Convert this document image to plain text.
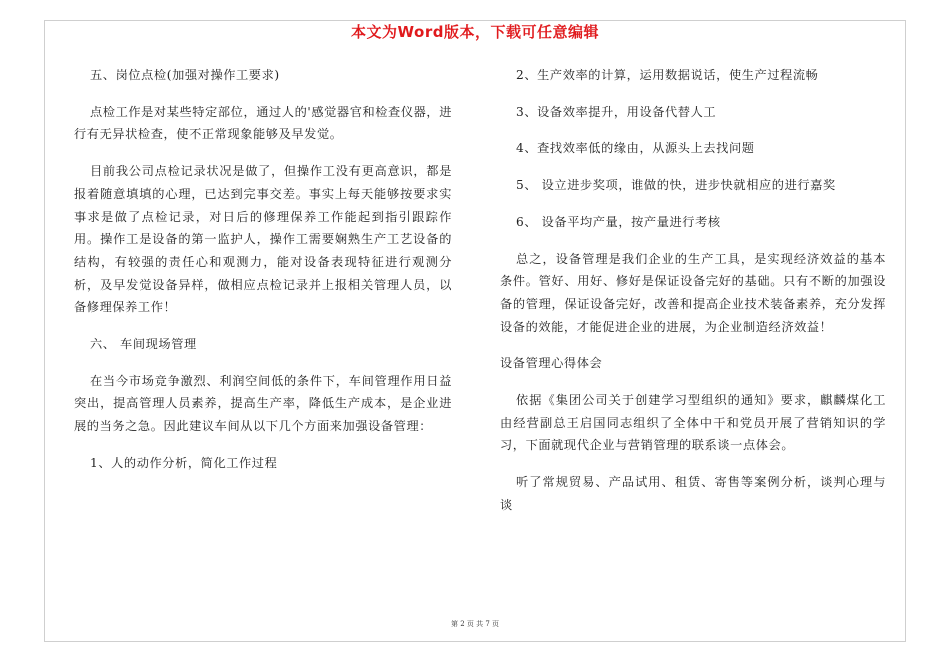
本文为Word版本，下载可任意编辑

五、岗位点检(加强对操作工要求)

点检工作是对某些特定部位，通过人的'感觉器官和检查仪器，进行有无异状检查，使不正常现象能够及早发觉。

目前我公司点检记录状况是做了，但操作工没有更高意识，都是报着随意填填的心理，已达到完事交差。事实上每天能够按要求实事求是做了点检记录，对日后的修理保养工作能起到指引跟踪作用。操作工是设备的第一监护人，操作工需要娴熟生产工艺设备的结构，有较强的责任心和观测力，能对设备表现特征进行观测分析，及早发觉设备异样，做相应点检记录并上报相关管理人员，以备修理保养工作！

六、 车间现场管理

在当今市场竞争激烈、利润空间低的条件下，车间管理作用日益突出，提高管理人员素养，提高生产率，降低生产成本，是企业进展的当务之急。因此建议车间从以下几个方面来加强设备管理：

1、人的动作分析，简化工作过程

2、生产效率的计算，运用数据说话，使生产过程流畅

3、设备效率提升，用设备代替人工

4、查找效率低的缘由，从源头上去找问题

5、 设立进步奖项，谁做的快，进步快就相应的进行嘉奖

6、 设备平均产量，按产量进行考核

总之，设备管理是我们企业的生产工具，是实现经济效益的基本条件。管好、用好、修好是保证设备完好的基础。只有不断的加强设备的管理，保证设备完好，改善和提高企业技术装备素养，充分发挥设备的效能，才能促进企业的进展，为企业制造经济效益！

设备管理心得体会

依据《集团公司关于创建学习型组织的通知》要求，麒麟煤化工由经营副总王启国同志组织了全体中干和党员开展了营销知识的学习，下面就现代企业与营销管理的联系谈一点体会。

听了常规贸易、产品试用、租赁、寄售等案例分析，谈判心理与谈

第 2 页 共 7 页
